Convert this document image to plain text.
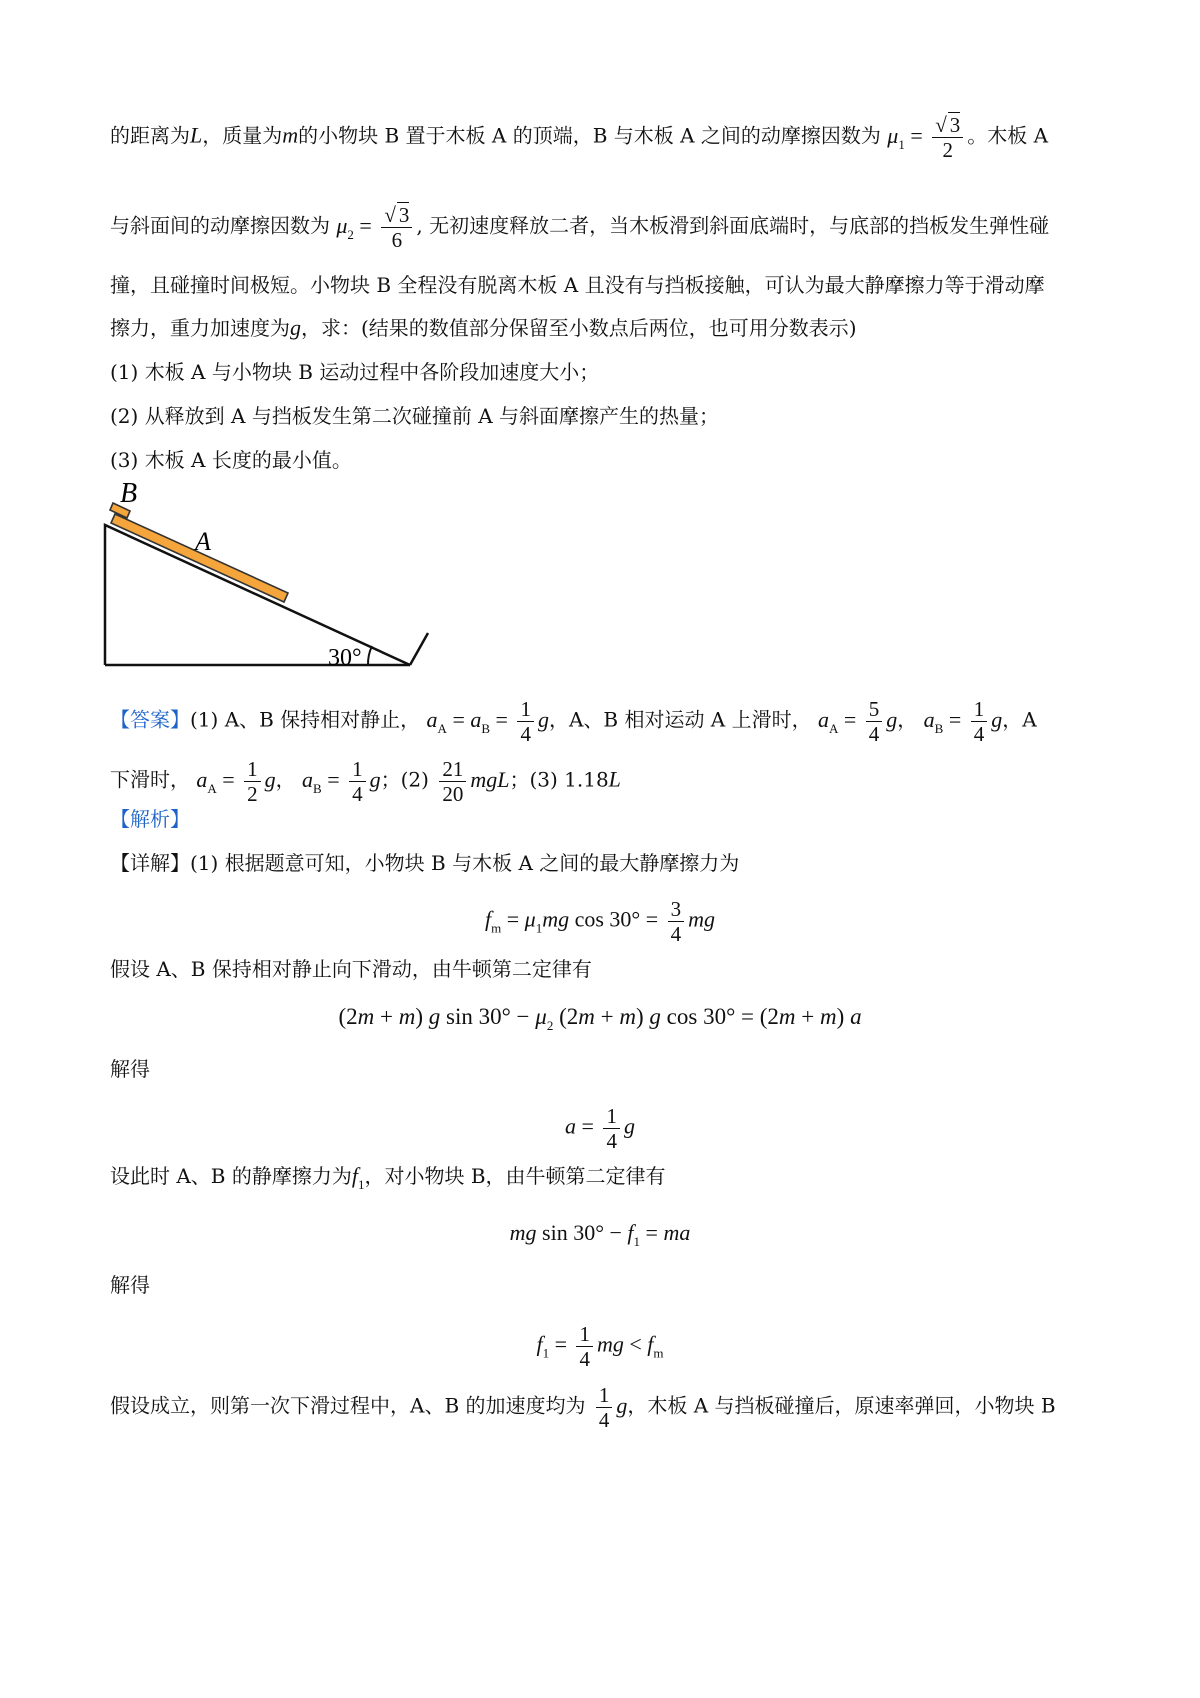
的距离为L，质量为m的小物块 B 置于木板 A 的顶端，B 与木板 A 之间的动摩擦因数为 $\mu_1 = \frac{√ 3}{2}$ 。木板 A
与斜面间的动摩擦因数为 $\mu_2 = \frac{√ 3}{6}$ , 无初速度释放二者，当木板滑到斜面底端时，与底部的挡板发生弹性碰
撞，且碰撞时间极短。小物块 B 全程没有脱离木板 A 且没有与挡板接触，可认为最大静摩擦力等于滑动摩
擦力，重力加速度为g，求：(结果的数值部分保留至小数点后两位，也可用分数表示)
(1) 木板 A 与小物块 B 运动过程中各阶段加速度大小；
(2) 从释放到 A 与挡板发生第二次碰撞前 A 与斜面摩擦产生的热量；
(3) 木板 A 长度的最小值。
B
A
30°
【答案】(1) A、B 保持相对静止， $a_A = a_B = \frac{1}{4}$ g，A、B 相对运动 A 上滑时， $a_A = \frac{5}{4}$ g， $a_B = \frac{1}{4}$ g，A
下滑时， $a_A = \frac{1}{2}$ g， $a_B = \frac{1}{4}$ g；$(2) \frac{21}{20}$ mgL；(3) 1.18L
【解析】
【详解】(1) 根据题意可知，小物块 B 与木板 A 之间的最大静摩擦力为
$f_m = \mu_1mg$ $\cos 30^\circ = \frac{3}{4}$ mg
假设 A、B 保持相对静止向下滑动，由牛顿第二定律有
(2m + m) g $\sin 30^\circ - \mu_2$ (2m + m) g cos 30° = (2m + m) a
解得
$a = \frac{1}{4}$ g
设此时 A、B 的静摩擦力为$f_1$，对小物块 B，由牛顿第二定律有
mg $\sin 30^\circ - f_1$ = ma
解得
$f_1 = \frac{1}{4}$ mg < $f_m$
假设成立，则第一次下滑过程中，A、B 的加速度均为 $\frac{1}{4}$ g，木板 A 与挡板碰撞后，原速率弹回，小物块 B
